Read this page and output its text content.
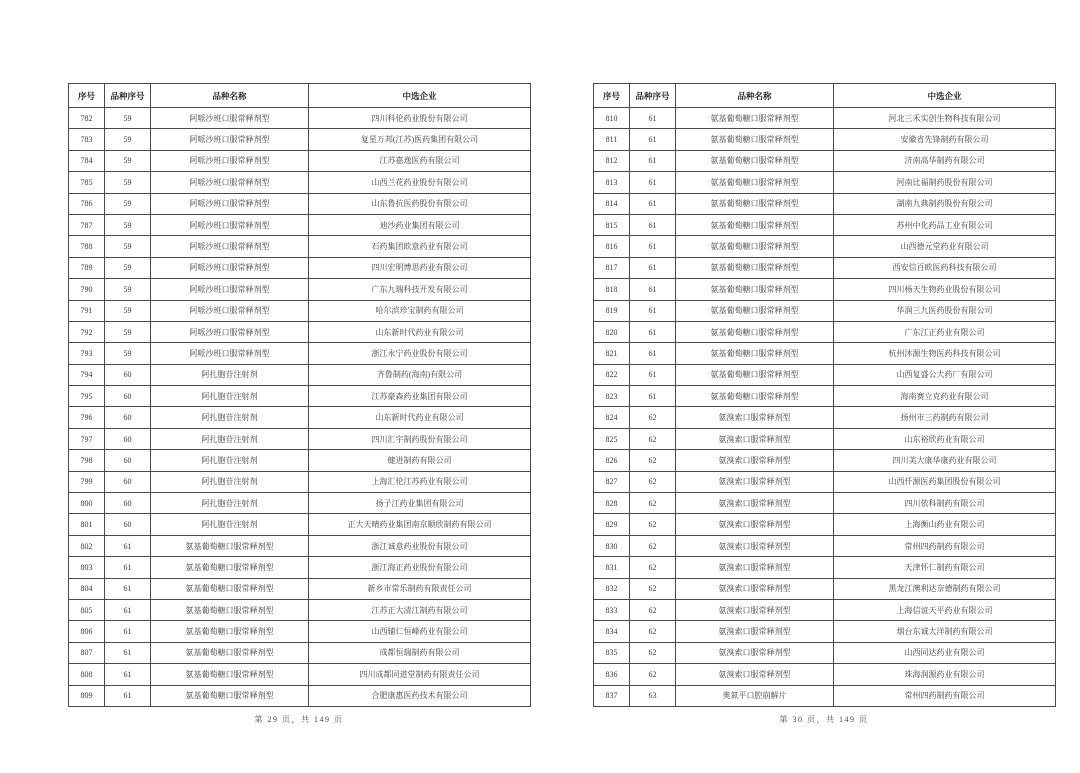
序号	品种序号	品种名称	中选企业
782	59	阿哌沙班口服常释剂型	四川科伦药业股份有限公司
783	59	阿哌沙班口服常释剂型	复星万邦(江苏)医药集团有限公司
784	59	阿哌沙班口服常释剂型	江苏嘉逸医药有限公司
785	59	阿哌沙班口服常释剂型	山西兰花药业股份有限公司
786	59	阿哌沙班口服常释剂型	山东鲁抗医药股份有限公司
787	59	阿哌沙班口服常释剂型	迪沙药业集团有限公司
788	59	阿哌沙班口服常释剂型	石药集团欧意药业有限公司
789	59	阿哌沙班口服常释剂型	四川宏明博思药业有限公司
790	59	阿哌沙班口服常释剂型	广东九瑞科技开发有限公司
791	59	阿哌沙班口服常释剂型	哈尔滨珍宝制药有限公司
792	59	阿哌沙班口服常释剂型	山东新时代药业有限公司
793	59	阿哌沙班口服常释剂型	浙江永宁药业股份有限公司
794	60	阿扎胞苷注射剂	齐鲁制药(海南)有限公司
795	60	阿扎胞苷注射剂	江苏豪森药业集团有限公司
796	60	阿扎胞苷注射剂	山东新时代药业有限公司
797	60	阿扎胞苷注射剂	四川汇宇制药股份有限公司
798	60	阿扎胞苷注射剂	健进制药有限公司
799	60	阿扎胞苷注射剂	上海汇伦江苏药业有限公司
800	60	阿扎胞苷注射剂	扬子江药业集团有限公司
801	60	阿扎胞苷注射剂	正大天晴药业集团南京顺欣制药有限公司
802	61	氨基葡萄糖口服常释剂型	浙江诚意药业股份有限公司
803	61	氨基葡萄糖口服常释剂型	浙江海正药业股份有限公司
804	61	氨基葡萄糖口服常释剂型	新乡市常乐制药有限责任公司
805	61	氨基葡萄糖口服常释剂型	江苏正大清江制药有限公司
806	61	氨基葡萄糖口服常释剂型	山西辅仁恒峰药业有限公司
807	61	氨基葡萄糖口服常释剂型	成都恒瑞制药有限公司
808	61	氨基葡萄糖口服常释剂型	四川成都同道堂制药有限责任公司
809	61	氨基葡萄糖口服常释剂型	合肥康惠医药技术有限公司
序号	品种序号	品种名称	中选企业
810	61	氨基葡萄糖口服常释剂型	河北三禾实创生物科技有限公司
811	61	氨基葡萄糖口服常释剂型	安徽省先锋制药有限公司
812	61	氨基葡萄糖口服常释剂型	济南高华制药有限公司
813	61	氨基葡萄糖口服常释剂型	河南比福制药股份有限公司
814	61	氨基葡萄糖口服常释剂型	湖南九典制药股份有限公司
815	61	氨基葡萄糖口服常释剂型	苏州中化药品工业有限公司
816	61	氨基葡萄糖口服常释剂型	山西德元堂药业有限公司
817	61	氨基葡萄糖口服常释剂型	西安信百欧医药科技有限公司
818	61	氨基葡萄糖口服常释剂型	四川杨天生物药业股份有限公司
819	61	氨基葡萄糖口服常释剂型	华润三九医药股份有限公司
820	61	氨基葡萄糖口服常释剂型	广东江正药业有限公司
821	61	氨基葡萄糖口服常释剂型	杭州沐源生物医药科技有限公司
822	61	氨基葡萄糖口服常释剂型	山西复盛公大药厂有限公司
823	61	氨基葡萄糖口服常释剂型	海南赛立克药业有限公司
824	62	氨溴索口服常释剂型	扬州市三药制药有限公司
825	62	氨溴索口服常释剂型	山东裕欣药业有限公司
826	62	氨溴索口服常释剂型	四川美大康华康药业有限公司
827	62	氨溴索口服常释剂型	山西仟源医药集团股份有限公司
828	62	氨溴索口服常释剂型	四川依科制药有限公司
829	62	氨溴索口服常释剂型	上海衡山药业有限公司
830	62	氨溴索口服常释剂型	常州四药制药有限公司
831	62	氨溴索口服常释剂型	天津怀仁制药有限公司
832	62	氨溴索口服常释剂型	黑龙江澳利达奈德制药有限公司
833	62	氨溴索口服常释剂型	上海信谊天平药业有限公司
834	62	氨溴索口服常释剂型	烟台东诚大洋制药有限公司
835	62	氨溴索口服常释剂型	山西同达药业有限公司
836	62	氨溴索口服常释剂型	珠海润源药业有限公司
837	63	奥氮平口腔崩解片	常州四药制药有限公司
第 29 页，共 149 页	第 30 页，共 149 页
